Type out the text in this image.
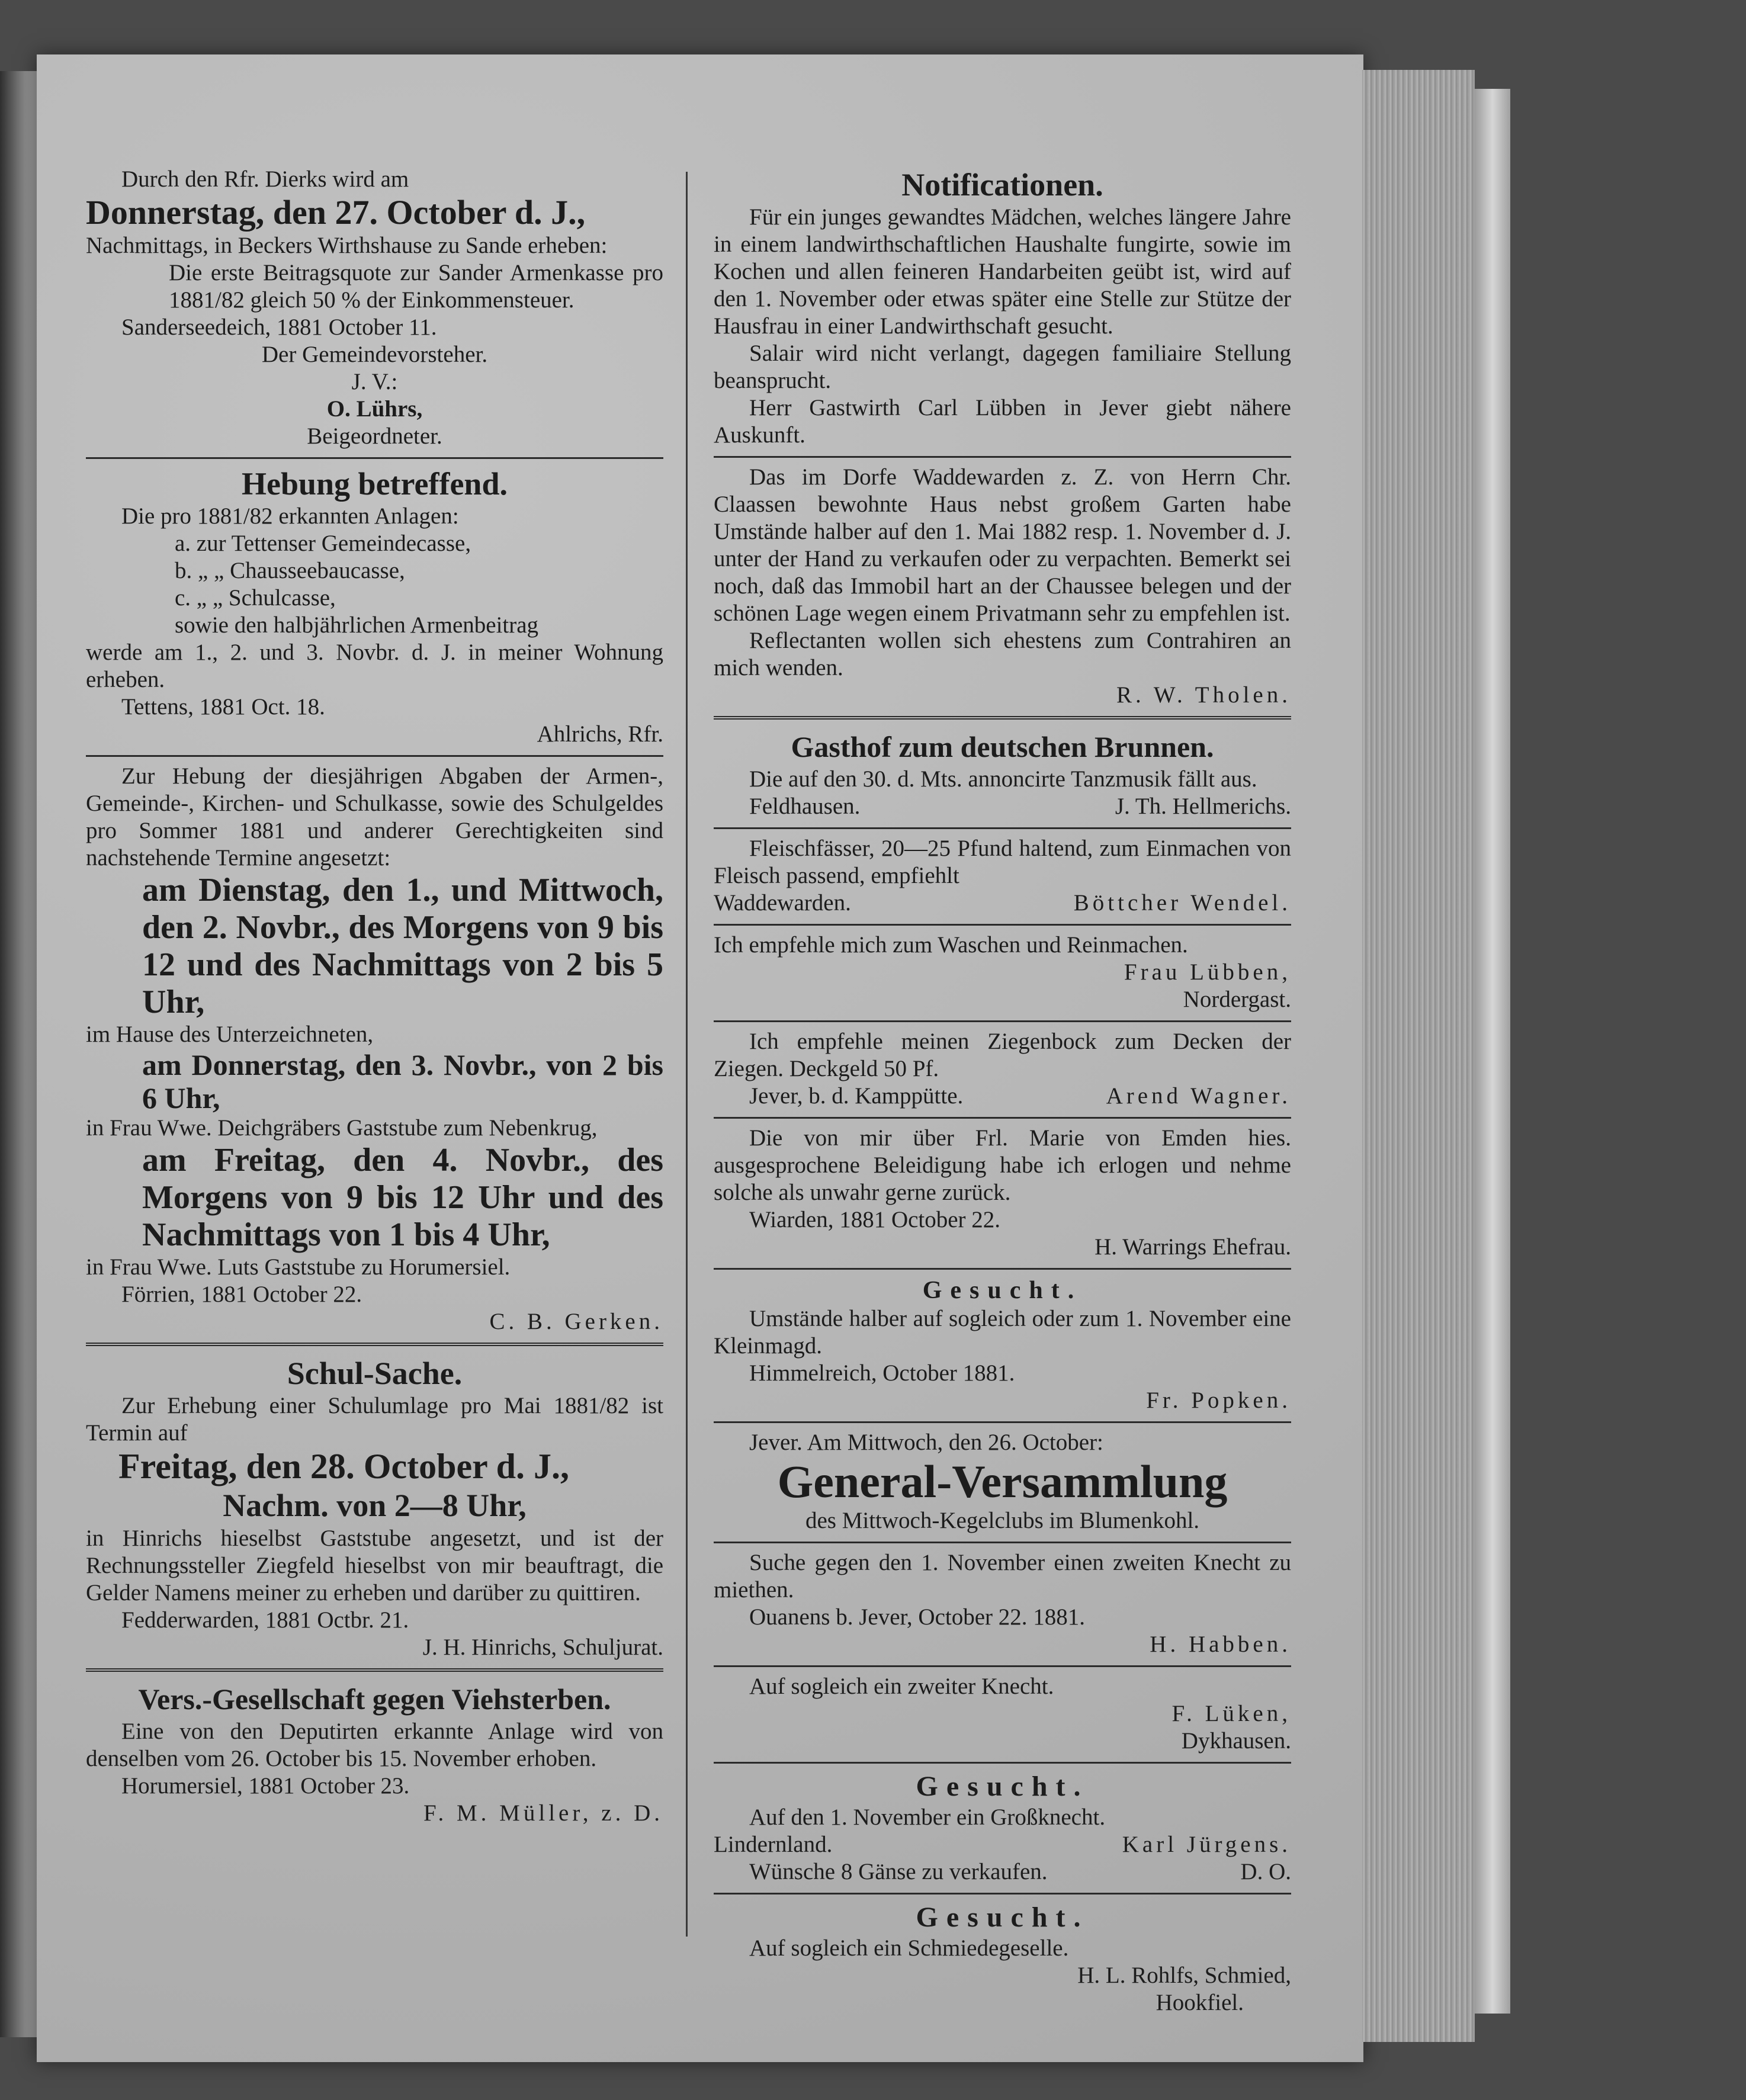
Durch den Rfr. Dierks wird am

Donnerstag, den 27. October d. J.,

Nachmittags, in Beckers Wirthshause zu Sande erheben:

Die erste Beitragsquote zur Sander Armenkasse pro 1881/82 gleich 50 % der Einkommensteuer.

Sanderseedeich, 1881 October 11.

Der Gemeindevorsteher.

J. V.:

O. Lührs,

Beigeordneter.

Hebung betreffend.

Die pro 1881/82 erkannten Anlagen:

a. zur Tettenser Gemeindecasse,

b. „ „ Chausseebaucasse,

c. „ „ Schulcasse,

sowie den halbjährlichen Armenbeitrag

werde am 1., 2. und 3. Novbr. d. J. in meiner Wohnung erheben.

Tettens, 1881 Oct. 18.

Ahlrichs, Rfr.

Zur Hebung der diesjährigen Abgaben der Armen-, Gemeinde-, Kirchen- und Schulkasse, sowie des Schulgeldes pro Sommer 1881 und anderer Gerechtigkeiten sind nachstehende Termine angesetzt:

am Dienstag, den 1., und Mittwoch, den 2. Novbr., des Morgens von 9 bis 12 und des Nachmittags von 2 bis 5 Uhr,

im Hause des Unterzeichneten,

am Donnerstag, den 3. Novbr., von 2 bis 6 Uhr,

in Frau Wwe. Deichgräbers Gaststube zum Nebenkrug,

am Freitag, den 4. Novbr., des Morgens von 9 bis 12 Uhr und des Nachmittags von 1 bis 4 Uhr,

in Frau Wwe. Luts Gaststube zu Horumersiel.

Förrien, 1881 October 22.

C. B. Gerken.

Schul-Sache.

Zur Erhebung einer Schulumlage pro Mai 1881/82 ist Termin auf

Freitag, den 28. October d. J.,

Nachm. von 2—8 Uhr,

in Hinrichs hieselbst Gaststube angesetzt, und ist der Rechnungssteller Ziegfeld hieselbst von mir beauftragt, die Gelder Namens meiner zu erheben und darüber zu quittiren.

Fedderwarden, 1881 Octbr. 21.

J. H. Hinrichs, Schuljurat.

Vers.-Gesellschaft gegen Viehsterben.

Eine von den Deputirten erkannte Anlage wird von denselben vom 26. October bis 15. November erhoben.

Horumersiel, 1881 October 23.

F. M. Müller, z. D.

Notificationen.

Für ein junges gewandtes Mädchen, welches längere Jahre in einem landwirthschaftlichen Haushalte fungirte, sowie im Kochen und allen feineren Handarbeiten geübt ist, wird auf den 1. November oder etwas später eine Stelle zur Stütze der Hausfrau in einer Landwirthschaft gesucht.

Salair wird nicht verlangt, dagegen familiaire Stellung beansprucht.

Herr Gastwirth Carl Lübben in Jever giebt nähere Auskunft.

Das im Dorfe Waddewarden z. Z. von Herrn Chr. Claassen bewohnte Haus nebst großem Garten habe Umstände halber auf den 1. Mai 1882 resp. 1. November d. J. unter der Hand zu verkaufen oder zu verpachten. Bemerkt sei noch, daß das Immobil hart an der Chaussee belegen und der schönen Lage wegen einem Privatmann sehr zu empfehlen ist.

Reflectanten wollen sich ehestens zum Contrahiren an mich wenden.

R. W. Tholen.

Gasthof zum deutschen Brunnen.

Die auf den 30. d. Mts. annoncirte Tanzmusik fällt aus.

Feldhausen.	J. Th. Hellmerichs.

Fleischfässer, 20—25 Pfund haltend, zum Einmachen von Fleisch passend, empfiehlt

Waddewarden.	Böttcher Wendel.

Ich empfehle mich zum Waschen und Reinmachen.

Frau Lübben,

Nordergast.

Ich empfehle meinen Ziegenbock zum Decken der Ziegen. Deckgeld 50 Pf.

Jever, b. d. Kamppütte.	Arend Wagner.

Die von mir über Frl. Marie von Emden hies. ausgesprochene Beleidigung habe ich erlogen und nehme solche als unwahr gerne zurück.

Wiarden, 1881 October 22.

H. Warrings Ehefrau.

Gesucht.

Umstände halber auf sogleich oder zum 1. November eine Kleinmagd.

Himmelreich, October 1881.

Fr. Popken.

Jever. Am Mittwoch, den 26. October:

General-Versammlung

des Mittwoch-Kegelclubs im Blumenkohl.

Suche gegen den 1. November einen zweiten Knecht zu miethen.

Ouanens b. Jever, October 22. 1881.

H. Habben.

Auf sogleich ein zweiter Knecht.

F. Lüken,

Dykhausen.

Gesucht.

Auf den 1. November ein Großknecht.

Lindernland.	Karl Jürgens.
Wünsche 8 Gänse zu verkaufen.	D. O.

Gesucht.

Auf sogleich ein Schmiedegeselle.

H. L. Rohlfs, Schmied,

Hookfiel.
